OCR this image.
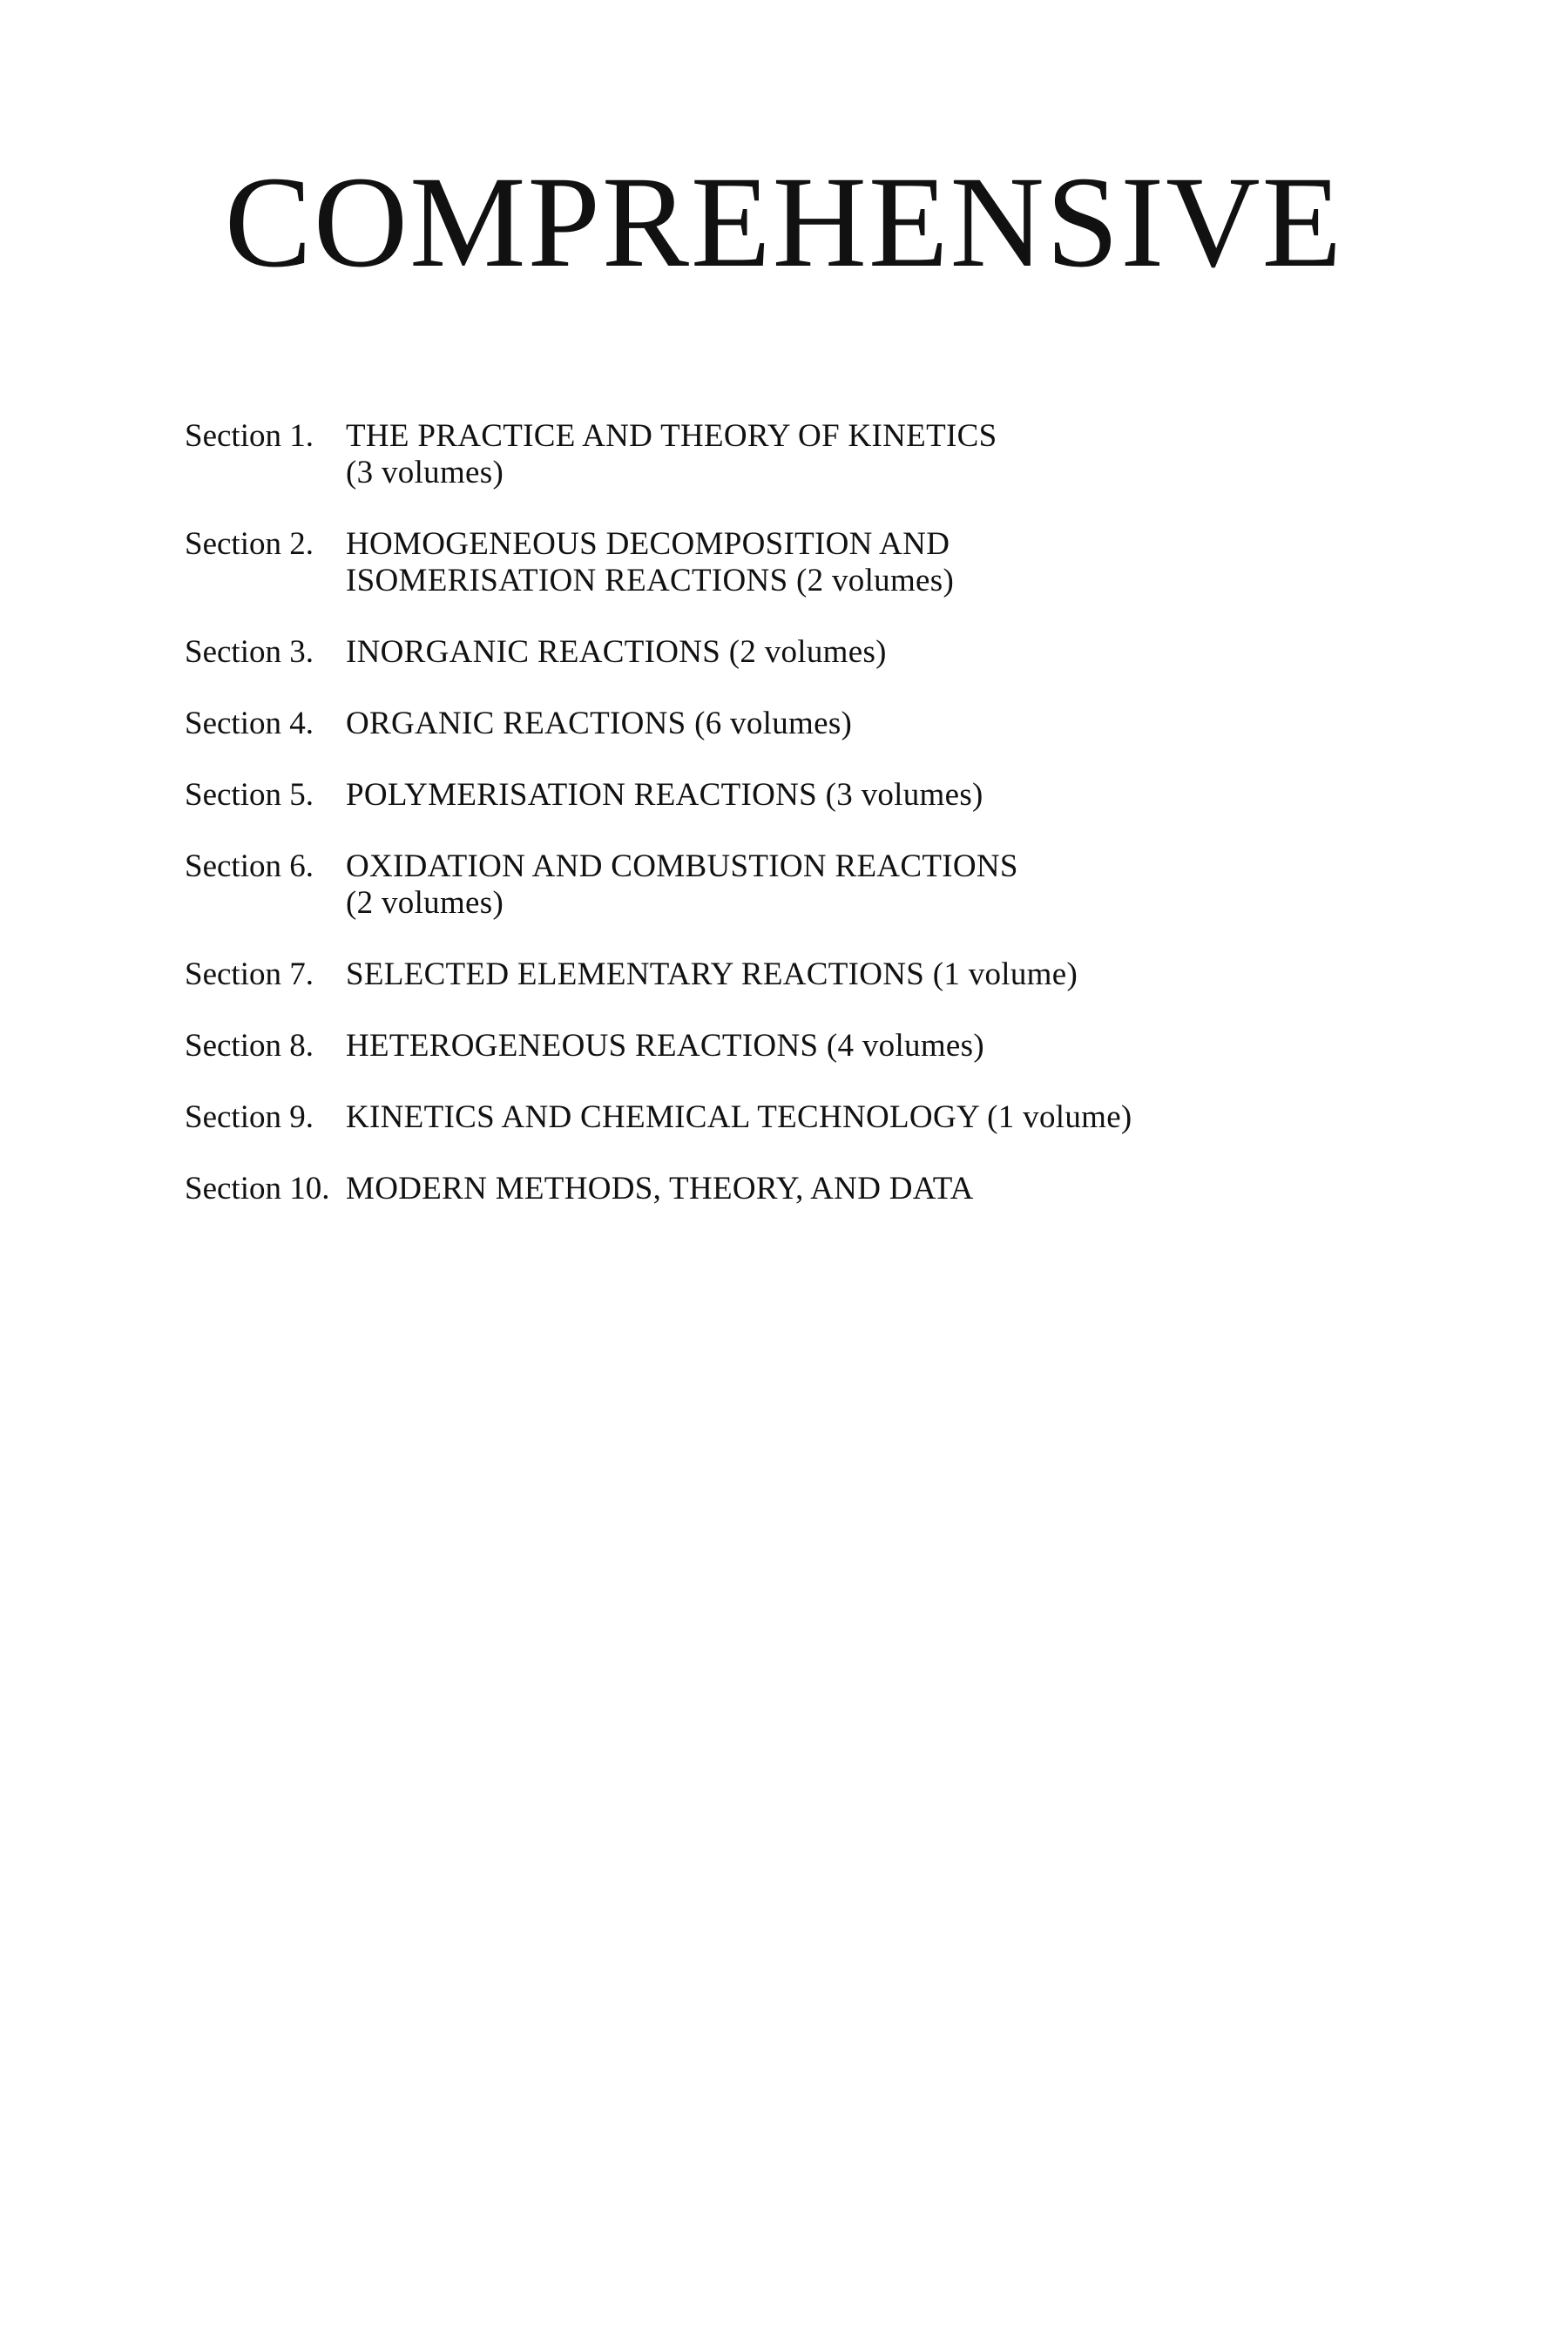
COMPREHENSIVE
Section 1.	THE PRACTICE AND THEORY OF KINETICS
(3 volumes)
Section 2.	HOMOGENEOUS DECOMPOSITION AND
ISOMERISATION REACTIONS (2 volumes)
Section 3.	INORGANIC REACTIONS (2 volumes)
Section 4.	ORGANIC REACTIONS (6 volumes)
Section 5.	POLYMERISATION REACTIONS (3 volumes)
Section 6.	OXIDATION AND COMBUSTION REACTIONS
(2 volumes)
Section 7.	SELECTED ELEMENTARY REACTIONS (1 volume)
Section 8.	HETEROGENEOUS REACTIONS (4 volumes)
Section 9.	KINETICS AND CHEMICAL TECHNOLOGY (1 volume)
Section 10. MODERN METHODS, THEORY, AND DATA
